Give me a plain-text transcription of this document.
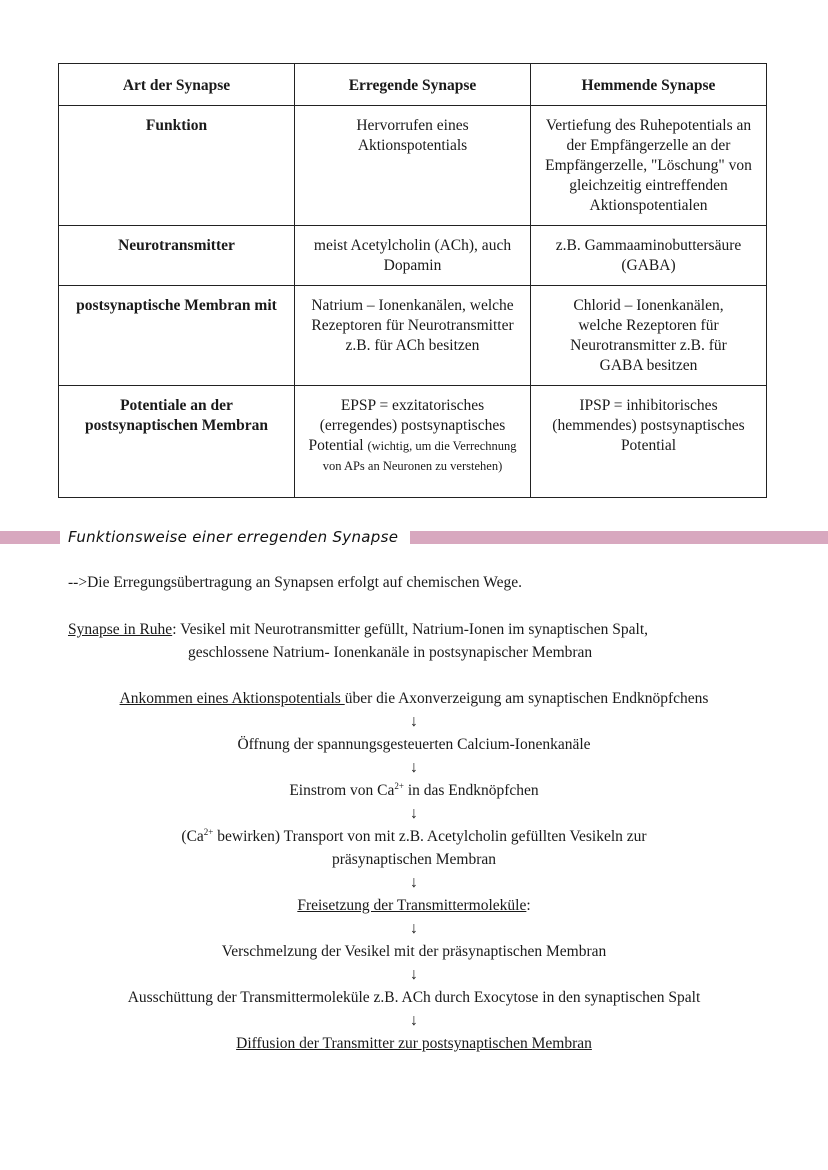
Art der Synapse	Erregende Synapse	Hemmende Synapse
Funktion	Hervorrufen eines Aktionspotentials	Vertiefung des Ruhepotentials an der Empfängerzelle an der Empfängerzelle, "Löschung" von gleichzeitig eintreffenden Aktionspotentialen

Neurotransmitter	meist Acetylcholin (ACh), auch Dopamin	z.B. Gammaaminobuttersäure (GABA)

postsynaptische Membran mit	Natrium – Ionenkanälen, welche Rezeptoren für Neurotransmitter z.B. für ACh besitzen	Chlorid – Ionenkanälen, welche Rezeptoren für Neurotransmitter z.B. für GABA besitzen

Potentiale an der postsynaptischen Membran	EPSP = exzitatorisches (erregendes) postsynaptisches Potential (wichtig, um die Verrechnung von APs an Neuronen zu verstehen)	IPSP = inhibitorisches (hemmendes) postsynaptisches Potential
Funktionsweise einer erregenden Synapse
-->Die Erregungsübertragung an Synapsen erfolgt auf chemischen Wege.
Synapse in Ruhe: Vesikel mit Neurotransmitter gefüllt, Natrium-Ionen im synaptischen Spalt,
geschlossene Natrium- Ionenkanäle in postsynapischer Membran
Ankommen eines Aktionspotentials über die Axonverzeigung am synaptischen Endknöpfchens
↓
Öffnung der spannungsgesteuerten Calcium-Ionenkanäle
↓
Einstrom von $Ca^{2+}$ in das Endknöpfchen
↓
($Ca^{2+}$ bewirken) Transport von mit z.B. Acetylcholin gefüllten Vesikeln zur
präsynaptischen Membran
↓
Freisetzung der Transmittermoleküle:
↓
Verschmelzung der Vesikel mit der präsynaptischen Membran
↓
Ausschüttung der Transmittermoleküle z.B. ACh durch Exocytose in den synaptischen Spalt
↓
Diffusion der Transmitter zur postsynaptischen Membran
